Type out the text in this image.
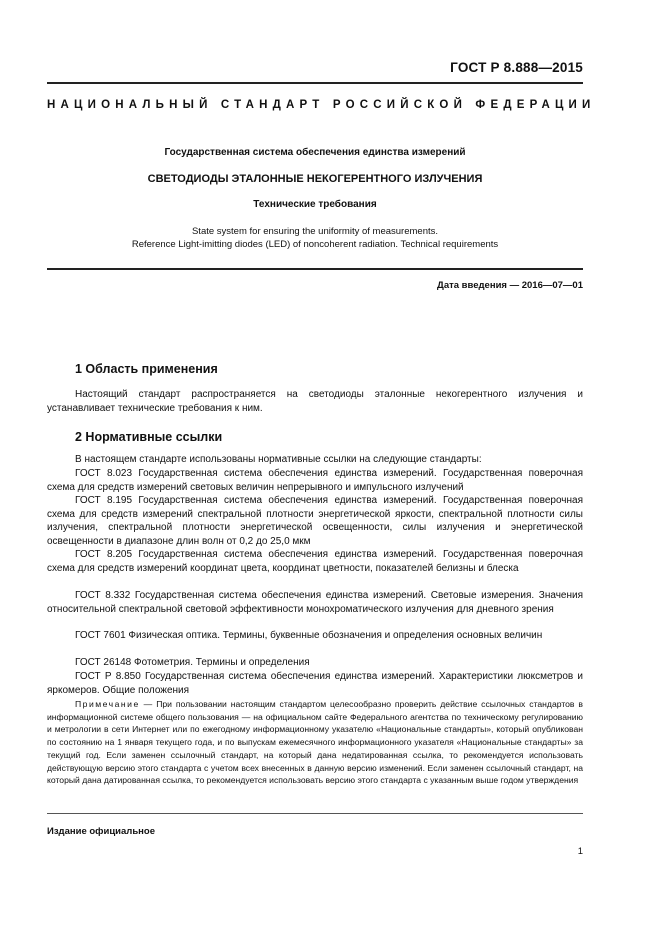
ГОСТ Р 8.888—2015
НАЦИОНАЛЬНЫЙ СТАНДАРТ РОССИЙСКОЙ ФЕДЕРАЦИИ
Государственная система обеспечения единства измерений
СВЕТОДИОДЫ ЭТАЛОННЫЕ НЕКОГЕРЕНТНОГО ИЗЛУЧЕНИЯ
Технические требования
State system for ensuring the uniformity of measurements.
Reference Light-imitting diodes (LED) of noncoherent radiation. Technical requirements
Дата введения — 2016—07—01
1 Область применения

Настоящий стандарт распространяется на светодиоды эталонные некогерентного излучения и устанавливает технические требования к ним.

2 Нормативные ссылки

В настоящем стандарте использованы нормативные ссылки на следующие стандарты:

ГОСТ 8.023 Государственная система обеспечения единства измерений. Государственная поверочная схема для средств измерений световых величин непрерывного и импульсного излучений

ГОСТ 8.195 Государственная система обеспечения единства измерений. Государственная поверочная схема для средств измерений спектральной плотности энергетической яркости, спектральной плотности силы излучения, спектральной плотности энергетической освещенности, силы излучения и энергетической освещенности в диапазоне длин волн от 0,2 до 25,0 мкм

ГОСТ 8.205 Государственная система обеспечения единства измерений. Государственная поверочная схема для средств измерений координат цвета, координат цветности, показателей белизны и блеска

ГОСТ 8.332 Государственная система обеспечения единства измерений. Световые измерения. Значения относительной спектральной световой эффективности монохроматического излучения для дневного зрения

ГОСТ 7601 Физическая оптика. Термины, буквенные обозначения и определения основных величин

ГОСТ 26148 Фотометрия. Термины и определения

ГОСТ Р 8.850 Государственная система обеспечения единства измерений. Характеристики люксметров и яркомеров. Общие положения

Примечание — При пользовании настоящим стандартом целесообразно проверить действие ссылочных стандартов в информационной системе общего пользования — на официальном сайте Федерального агентства по техническому регулированию и метрологии в сети Интернет или по ежегодному информационному указателю «Национальные стандарты», который опубликован по состоянию на 1 января текущего года, и по выпускам ежемесячного информационного указателя «Национальные стандарты» за текущий год. Если заменен ссылочный стандарт, на который дана недатированная ссылка, то рекомендуется использовать действующую версию этого стандарта с учетом всех внесенных в данную версию изменений. Если заменен ссылочный стандарт, на который дана датированная ссылка, то рекомендуется использовать версию этого стандарта с указанным выше годом утверждения

Издание официальное
1
